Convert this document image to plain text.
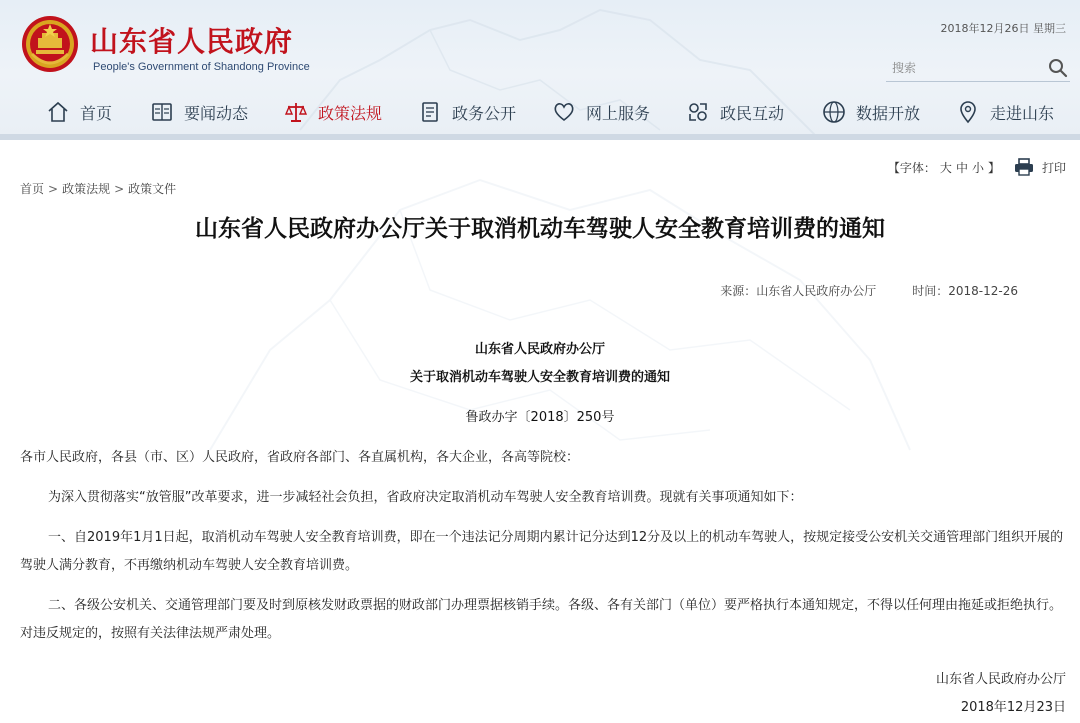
山东省人民政府
People's Government of Shandong Province
2018年12月26日 星期三
搜索
首页	要闻动态	政策法规	政务公开	网上服务	政民互动	数据开放	走进山东
【字体： 大 中 小 】	打印
首页 > 政策法规 > 政策文件
山东省人民政府办公厅关于取消机动车驾驶人安全教育培训费的通知
来源：山东省人民政府办公厅	时间：2018-12-26
山东省人民政府办公厅
关于取消机动车驾驶人安全教育培训费的通知
鲁政办字〔2018〕250号
各市人民政府，各县（市、区）人民政府，省政府各部门、各直属机构，各大企业，各高等院校：
为深入贯彻落实“放管服”改革要求，进一步减轻社会负担，省政府决定取消机动车驾驶人安全教育培训费。现就有关事项通知如下：
一、自2019年1月1日起，取消机动车驾驶人安全教育培训费，即在一个违法记分周期内累计记分达到12分及以上的机动车驾驶人，按规定接受公安机关交通管理部门组织开展的驾驶人满分教育，不再缴纳机动车驾驶人安全教育培训费。
二、各级公安机关、交通管理部门要及时到原核发财政票据的财政部门办理票据核销手续。各级、各有关部门（单位）要严格执行本通知规定，不得以任何理由拖延或拒绝执行。对违反规定的，按照有关法律法规严肃处理。
山东省人民政府办公厅
2018年12月23日
